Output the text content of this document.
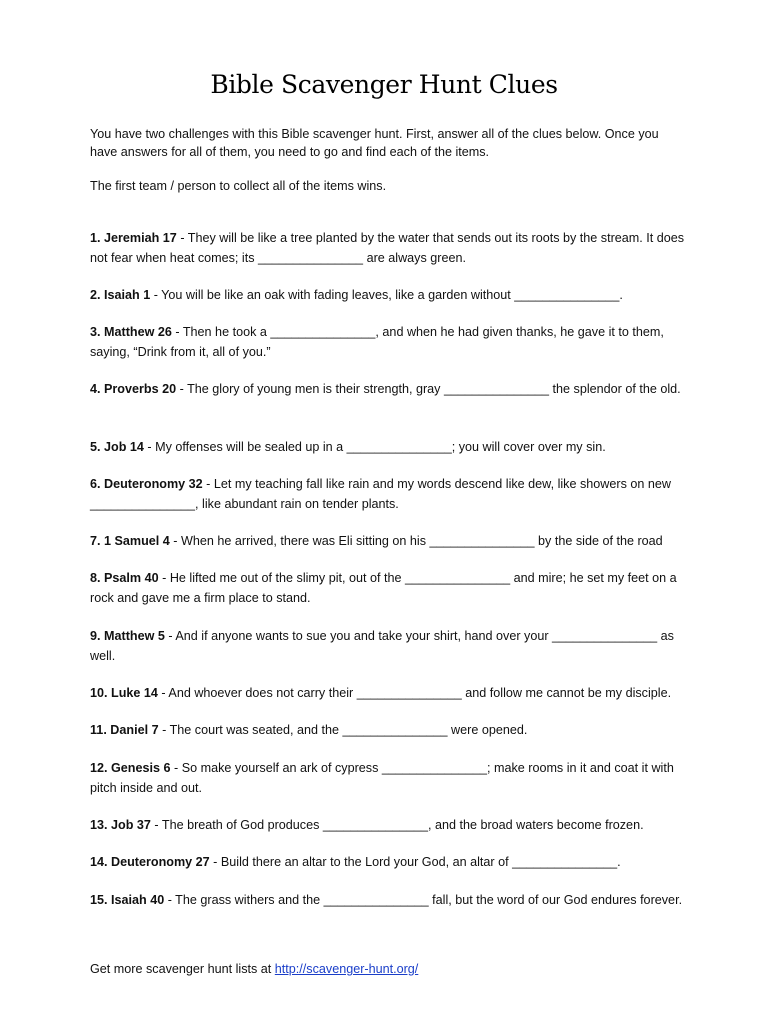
Bible Scavenger Hunt Clues
You have two challenges with this Bible scavenger hunt. First, answer all of the clues below. Once you have answers for all of them, you need to go and find each of the items.
The first team / person to collect all of the items wins.
1. Jeremiah 17 - They will be like a tree planted by the water that sends out its roots by the stream. It does not fear when heat comes; its _______________ are always green.
2. Isaiah 1 - You will be like an oak with fading leaves, like a garden without _______________.
3. Matthew 26 - Then he took a _______________, and when he had given thanks, he gave it to them, saying, “Drink from it, all of you.”
4. Proverbs 20 - The glory of young men is their strength, gray _______________ the splendor of the old.
5. Job 14 - My offenses will be sealed up in a _______________; you will cover over my sin.
6. Deuteronomy 32 - Let my teaching fall like rain and my words descend like dew, like showers on new _______________, like abundant rain on tender plants.
7. 1 Samuel 4 - When he arrived, there was Eli sitting on his _______________ by the side of the road
8. Psalm 40 - He lifted me out of the slimy pit, out of the _______________ and mire; he set my feet on a rock and gave me a firm place to stand.
9. Matthew 5 - And if anyone wants to sue you and take your shirt, hand over your _______________ as well.
10. Luke 14 - And whoever does not carry their _______________ and follow me cannot be my disciple.
11. Daniel 7 - The court was seated, and the _______________ were opened.
12. Genesis 6 - So make yourself an ark of cypress _______________; make rooms in it and coat it with pitch inside and out.
13. Job 37 - The breath of God produces _______________, and the broad waters become frozen.
14. Deuteronomy 27 - Build there an altar to the Lord your God, an altar of _______________.
15. Isaiah 40 - The grass withers and the _______________ fall, but the word of our God endures forever.
Get more scavenger hunt lists at http://scavenger-hunt.org/
